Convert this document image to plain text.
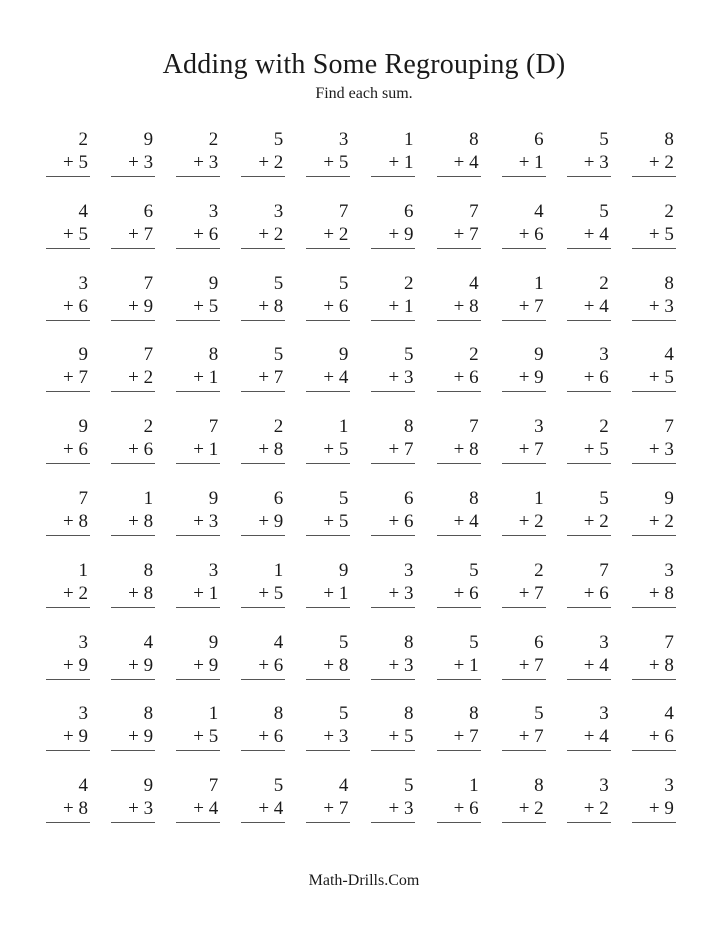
Adding with Some Regrouping (D)
Find each sum.
2
+ 5
9
+ 3
2
+ 3
5
+ 2
3
+ 5
1
+ 1
8
+ 4
6
+ 1
5
+ 3
8
+ 2
4
+ 5
6
+ 7
3
+ 6
3
+ 2
7
+ 2
6
+ 9
7
+ 7
4
+ 6
5
+ 4
2
+ 5
3
+ 6
7
+ 9
9
+ 5
5
+ 8
5
+ 6
2
+ 1
4
+ 8
1
+ 7
2
+ 4
8
+ 3
9
+ 7
7
+ 2
8
+ 1
5
+ 7
9
+ 4
5
+ 3
2
+ 6
9
+ 9
3
+ 6
4
+ 5
9
+ 6
2
+ 6
7
+ 1
2
+ 8
1
+ 5
8
+ 7
7
+ 8
3
+ 7
2
+ 5
7
+ 3
7
+ 8
1
+ 8
9
+ 3
6
+ 9
5
+ 5
6
+ 6
8
+ 4
1
+ 2
5
+ 2
9
+ 2
1
+ 2
8
+ 8
3
+ 1
1
+ 5
9
+ 1
3
+ 3
5
+ 6
2
+ 7
7
+ 6
3
+ 8
3
+ 9
4
+ 9
9
+ 9
4
+ 6
5
+ 8
8
+ 3
5
+ 1
6
+ 7
3
+ 4
7
+ 8
3
+ 9
8
+ 9
1
+ 5
8
+ 6
5
+ 3
8
+ 5
8
+ 7
5
+ 7
3
+ 4
4
+ 6
4
+ 8
9
+ 3
7
+ 4
5
+ 4
4
+ 7
5
+ 3
1
+ 6
8
+ 2
3
+ 2
3
+ 9
Math-Drills.Com
